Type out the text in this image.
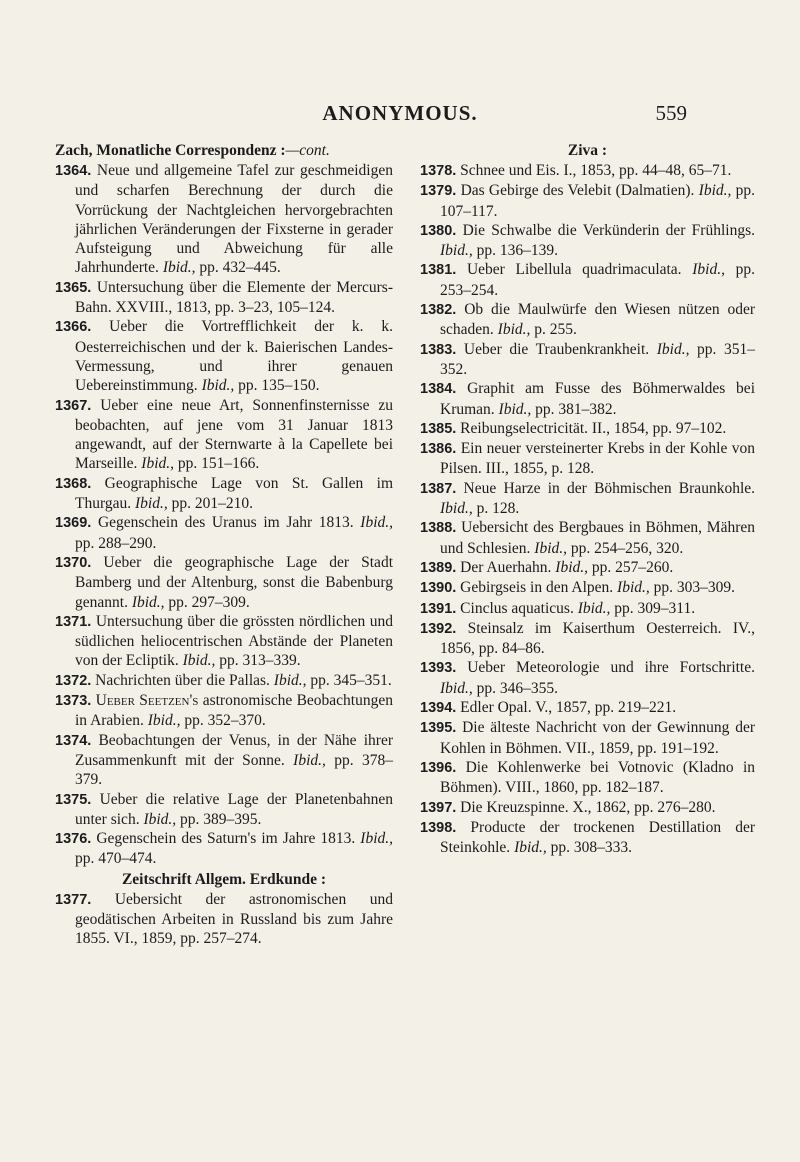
ANONYMOUS.	559
Zach, Monatliche Correspondenz :—cont.
1364. Neue und allgemeine Tafel zur geschmeidigen und scharfen Berechnung der durch die Vorrückung der Nachtgleichen hervorgebrachten jährlichen Veränderungen der Fixsterne in gerader Aufsteigung und Abweichung für alle Jahrhunderte. Ibid., pp. 432–445.
1365. Untersuchung über die Elemente der Mercurs-Bahn. XXVIII., 1813, pp. 3–23, 105–124.
1366. Ueber die Vortrefflichkeit der k. k. Oesterreichischen und der k. Baierischen Landes-Vermessung, und ihrer genauen Uebereinstimmung. Ibid., pp. 135–150.
1367. Ueber eine neue Art, Sonnenfinsternisse zu beobachten, auf jene vom 31 Januar 1813 angewandt, auf der Sternwarte à la Capellete bei Marseille. Ibid., pp. 151–166.
1368. Geographische Lage von St. Gallen im Thurgau. Ibid., pp. 201–210.
1369. Gegenschein des Uranus im Jahr 1813. Ibid., pp. 288–290.
1370. Ueber die geographische Lage der Stadt Bamberg und der Altenburg, sonst die Babenburg genannt. Ibid., pp. 297–309.
1371. Untersuchung über die grössten nördlichen und südlichen heliocentrischen Abstände der Planeten von der Ecliptik. Ibid., pp. 313–339.
1372. Nachrichten über die Pallas. Ibid., pp. 345–351.
1373. Ueber Seetzen's astronomische Beobachtungen in Arabien. Ibid., pp. 352–370.
1374. Beobachtungen der Venus, in der Nähe ihrer Zusammenkunft mit der Sonne. Ibid., pp. 378–379.
1375. Ueber die relative Lage der Planetenbahnen unter sich. Ibid., pp. 389–395.
1376. Gegenschein des Saturn's im Jahre 1813. Ibid., pp. 470–474.
Zeitschrift Allgem. Erdkunde :
1377. Uebersicht der astronomischen und geodätischen Arbeiten in Russland bis zum Jahre 1855. VI., 1859, pp. 257–274.
Ziva :
1378. Schnee und Eis. I., 1853, pp. 44–48, 65–71.
1379. Das Gebirge des Velebit (Dalmatien). Ibid., pp. 107–117.
1380. Die Schwalbe die Verkünderin der Frühlings. Ibid., pp. 136–139.
1381. Ueber Libellula quadrimaculata. Ibid., pp. 253–254.
1382. Ob die Maulwürfe den Wiesen nützen oder schaden. Ibid., p. 255.
1383. Ueber die Traubenkrankheit. Ibid., pp. 351–352.
1384. Graphit am Fusse des Böhmerwaldes bei Kruman. Ibid., pp. 381–382.
1385. Reibungselectricität. II., 1854, pp. 97–102.
1386. Ein neuer versteinerter Krebs in der Kohle von Pilsen. III., 1855, p. 128.
1387. Neue Harze in der Böhmischen Braunkohle. Ibid., p. 128.
1388. Uebersicht des Bergbaues in Böhmen, Mähren und Schlesien. Ibid., pp. 254–256, 320.
1389. Der Auerhahn. Ibid., pp. 257–260.
1390. Gebirgseis in den Alpen. Ibid., pp. 303–309.
1391. Cinclus aquaticus. Ibid., pp. 309–311.
1392. Steinsalz im Kaiserthum Oesterreich. IV., 1856, pp. 84–86.
1393. Ueber Meteorologie und ihre Fortschritte. Ibid., pp. 346–355.
1394. Edler Opal. V., 1857, pp. 219–221.
1395. Die älteste Nachricht von der Gewinnung der Kohlen in Böhmen. VII., 1859, pp. 191–192.
1396. Die Kohlenwerke bei Votnovic (Kladno in Böhmen). VIII., 1860, pp. 182–187.
1397. Die Kreuzspinne. X., 1862, pp. 276–280.
1398. Producte der trockenen Destillation der Steinkohle. Ibid., pp. 308–333.
